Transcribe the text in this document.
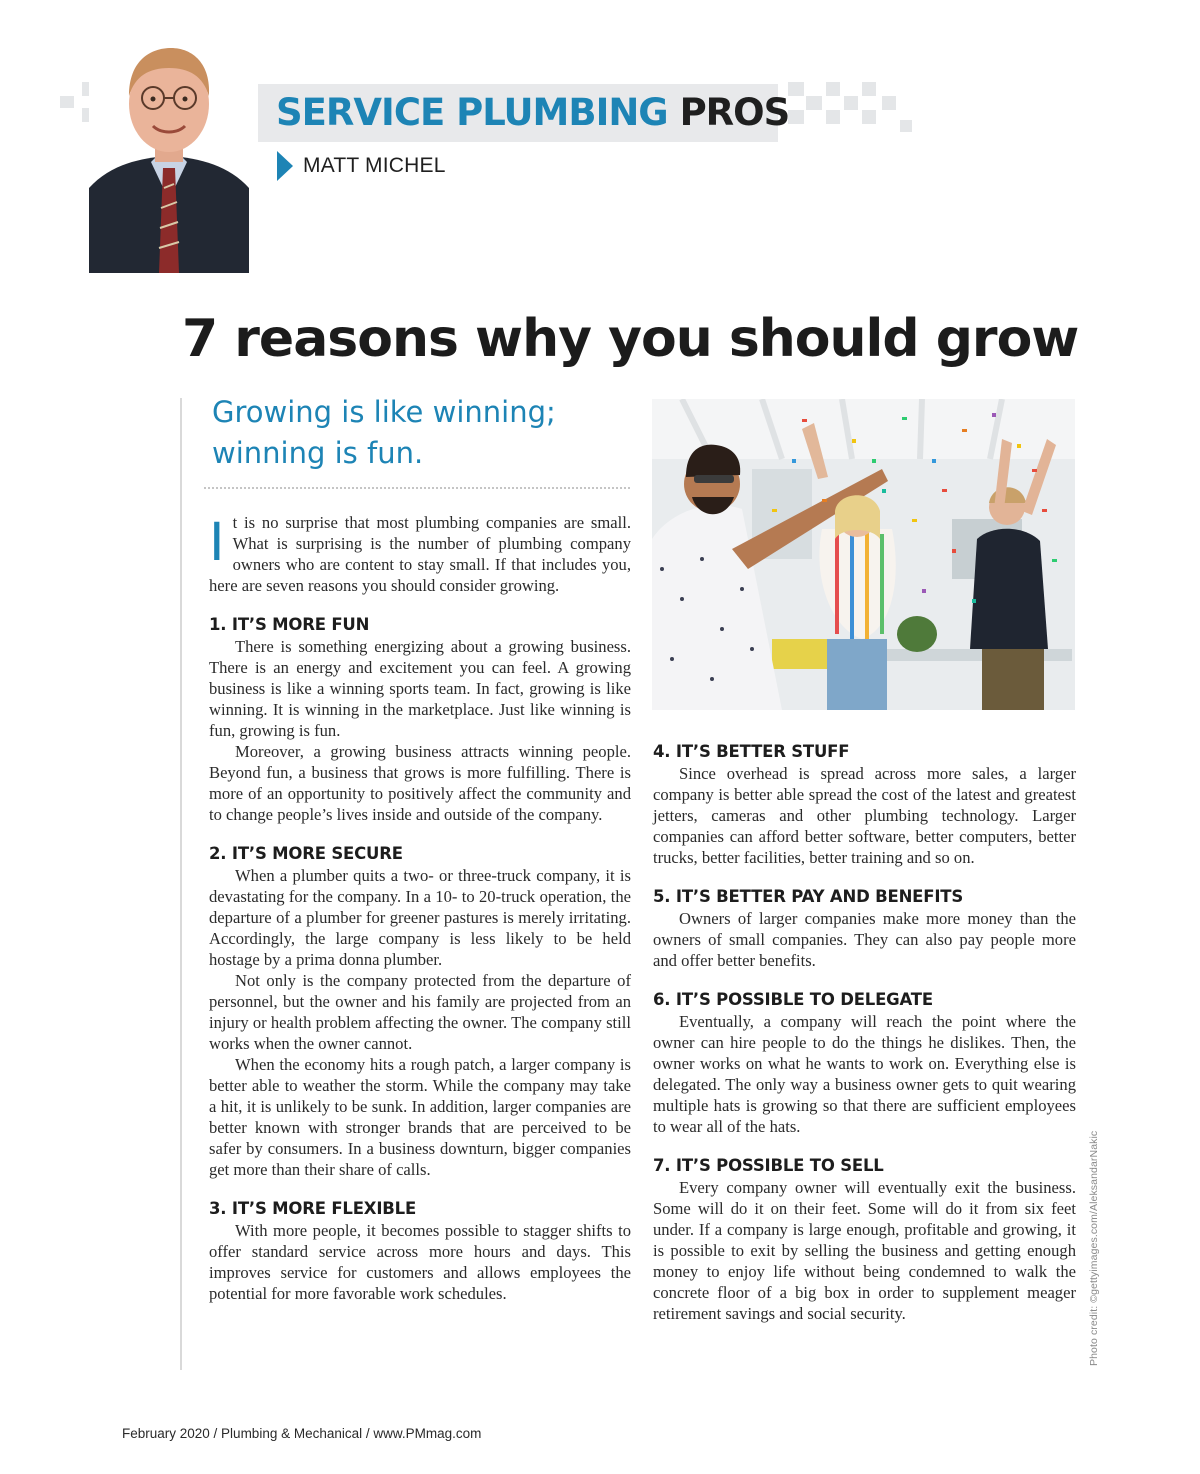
SERVICE PLUMBING PROS
MATT MICHEL
7 reasons why you should grow
Growing is like winning; winning is fun.

It is no surprise that most plumbing companies are small. What is surprising is the number of plumbing company owners who are content to stay small. If that includes you, here are seven reasons you should consider growing.

1. IT’S MORE FUN

There is something energizing about a growing business. There is an energy and excitement you can feel. A growing business is like a winning sports team. In fact, growing is like winning. It is winning in the marketplace. Just like winning is fun, growing is fun.

Moreover, a growing business attracts winning people. Beyond fun, a business that grows is more fulfilling. There is more of an opportunity to positively affect the community and to change people’s lives inside and outside of the company.

2. IT’S MORE SECURE

When a plumber quits a two- or three-truck company, it is devastating for the company. In a 10- to 20-truck operation, the departure of a plumber for greener pastures is merely irritating. Accordingly, the large company is less likely to be held hostage by a prima donna plumber.

Not only is the company protected from the departure of personnel, but the owner and his family are projected from an injury or health problem affecting the owner. The company still works when the owner cannot.

When the economy hits a rough patch, a larger company is better able to weather the storm. While the company may take a hit, it is unlikely to be sunk. In addition, larger companies are better known with stronger brands that are perceived to be safer by consumers. In a business downturn, bigger companies get more than their share of calls.

3. IT’S MORE FLEXIBLE

With more people, it becomes possible to stagger shifts to offer standard service across more hours and days. This improves service for customers and allows employees the potential for more favorable work schedules.

4. IT’S BETTER STUFF

Since overhead is spread across more sales, a larger company is better able spread the cost of the latest and greatest jetters, cameras and other plumbing technology. Larger companies can afford better software, better computers, better trucks, better facilities, better training and so on.

5. IT’S BETTER PAY AND BENEFITS

Owners of larger companies make more money than the owners of small companies. They can also pay people more and offer better benefits.

6. IT’S POSSIBLE TO DELEGATE

Eventually, a company will reach the point where the owner can hire people to do the things he dislikes. Then, the owner works on what he wants to work on. Everything else is delegated. The only way a business owner gets to quit wearing multiple hats is growing so that there are sufficient employees to wear all of the hats.

7. IT’S POSSIBLE TO SELL

Every company owner will eventually exit the business. Some will do it on their feet. Some will do it from six feet under. If a company is large enough, profitable and growing, it is possible to exit by selling the business and getting enough money to enjoy life without being condemned to walk the concrete floor of a big box in order to supplement meager retirement savings and social security.	Photo credit: ©gettyimages.com/AleksandarNakic
February 2020 / Plumbing & Mechanical / www.PMmag.com
